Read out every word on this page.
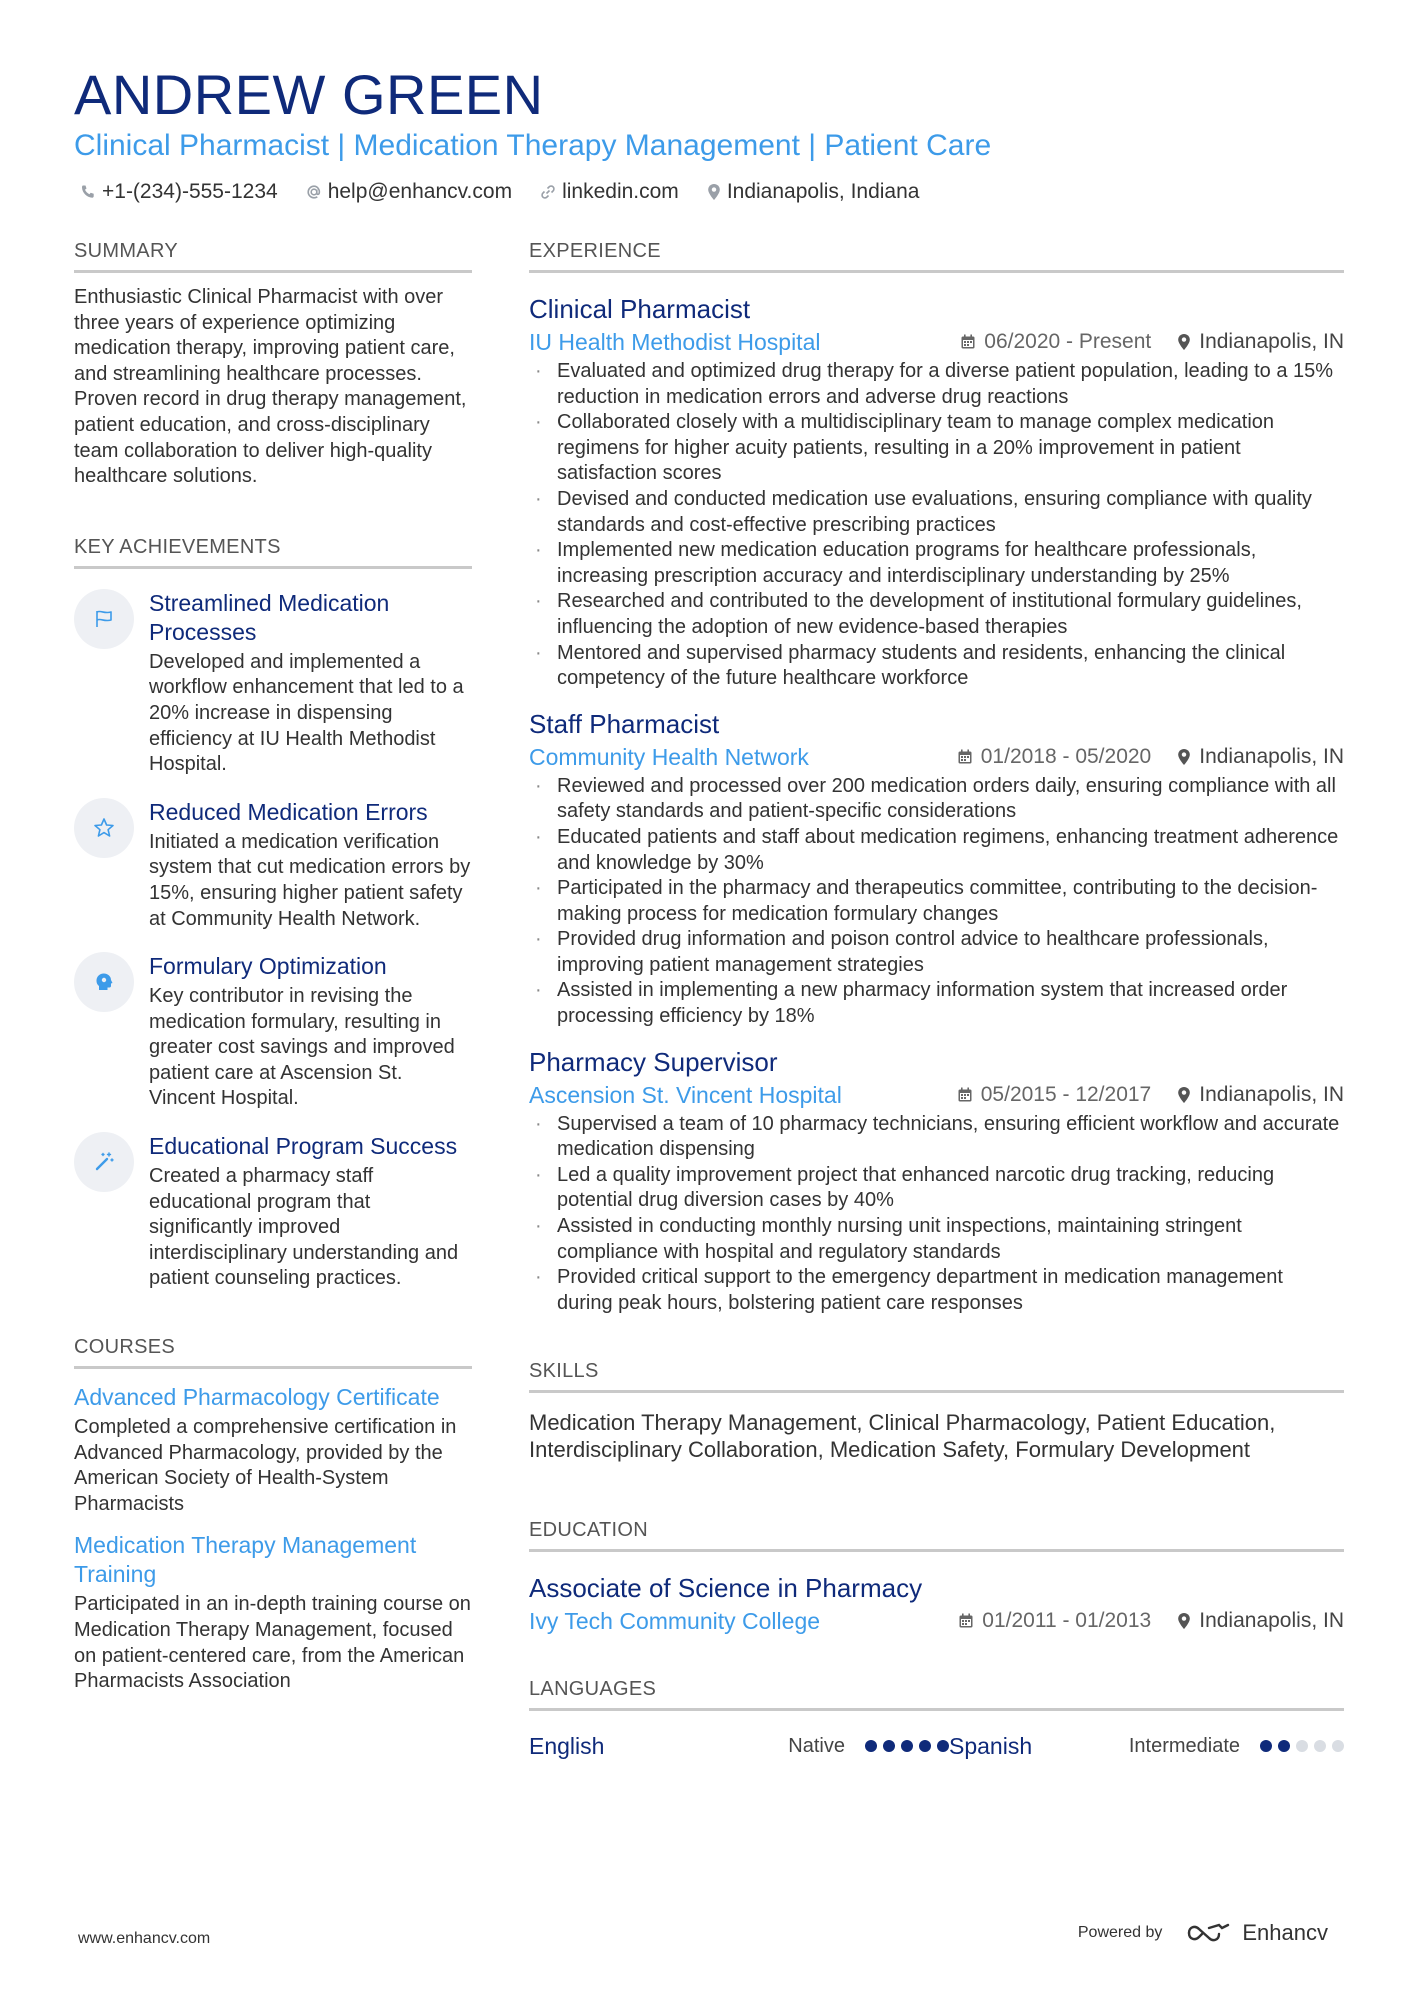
ANDREW GREEN
Clinical Pharmacist | Medication Therapy Management | Patient Care
+1-(234)-555-1234 help@enhancv.com linkedin.com Indianapolis, Indiana
SUMMARY
Enthusiastic Clinical Pharmacist with over three years of experience optimizing medication therapy, improving patient care, and streamlining healthcare processes. Proven record in drug therapy management, patient education, and cross-disciplinary team collaboration to deliver high-quality healthcare solutions.
KEY ACHIEVEMENTS
Streamlined Medication Processes
Developed and implemented a workflow enhancement that led to a 20% increase in dispensing efficiency at IU Health Methodist Hospital.
Reduced Medication Errors
Initiated a medication verification system that cut medication errors by 15%, ensuring higher patient safety at Community Health Network.
Formulary Optimization
Key contributor in revising the medication formulary, resulting in greater cost savings and improved patient care at Ascension St. Vincent Hospital.
Educational Program Success
Created a pharmacy staff educational program that significantly improved interdisciplinary understanding and patient counseling practices.
COURSES
Advanced Pharmacology Certificate
Completed a comprehensive certification in Advanced Pharmacology, provided by the American Society of Health-System Pharmacists
Medication Therapy Management Training
Participated in an in-depth training course on Medication Therapy Management, focused on patient-centered care, from the American Pharmacists Association
EXPERIENCE
Clinical Pharmacist
IU Health Methodist Hospital	06/2020 - Present Indianapolis, IN
· Evaluated and optimized drug therapy for a diverse patient population, leading to a 15% reduction in medication errors and adverse drug reactions
· Collaborated closely with a multidisciplinary team to manage complex medication regimens for higher acuity patients, resulting in a 20% improvement in patient satisfaction scores
· Devised and conducted medication use evaluations, ensuring compliance with quality standards and cost-effective prescribing practices
· Implemented new medication education programs for healthcare professionals, increasing prescription accuracy and interdisciplinary understanding by 25%
· Researched and contributed to the development of institutional formulary guidelines, influencing the adoption of new evidence-based therapies
· Mentored and supervised pharmacy students and residents, enhancing the clinical competency of the future healthcare workforce
Staff Pharmacist
Community Health Network	01/2018 - 05/2020 Indianapolis, IN
· Reviewed and processed over 200 medication orders daily, ensuring compliance with all safety standards and patient-specific considerations
· Educated patients and staff about medication regimens, enhancing treatment adherence and knowledge by 30%
· Participated in the pharmacy and therapeutics committee, contributing to the decision-making process for medication formulary changes
· Provided drug information and poison control advice to healthcare professionals, improving patient management strategies
· Assisted in implementing a new pharmacy information system that increased order processing efficiency by 18%
Pharmacy Supervisor
Ascension St. Vincent Hospital	05/2015 - 12/2017 Indianapolis, IN
· Supervised a team of 10 pharmacy technicians, ensuring efficient workflow and accurate medication dispensing
· Led a quality improvement project that enhanced narcotic drug tracking, reducing potential drug diversion cases by 40%
· Assisted in conducting monthly nursing unit inspections, maintaining stringent compliance with hospital and regulatory standards
· Provided critical support to the emergency department in medication management during peak hours, bolstering patient care responses
SKILLS
Medication Therapy Management, Clinical Pharmacology, Patient Education, Interdisciplinary Collaboration, Medication Safety, Formulary Development
EDUCATION
Associate of Science in Pharmacy
Ivy Tech Community College	01/2011 - 01/2013 Indianapolis, IN
LANGUAGES
English	Native	Spanish	Intermediate
www.enhancv.com	Powered by	Enhancv
